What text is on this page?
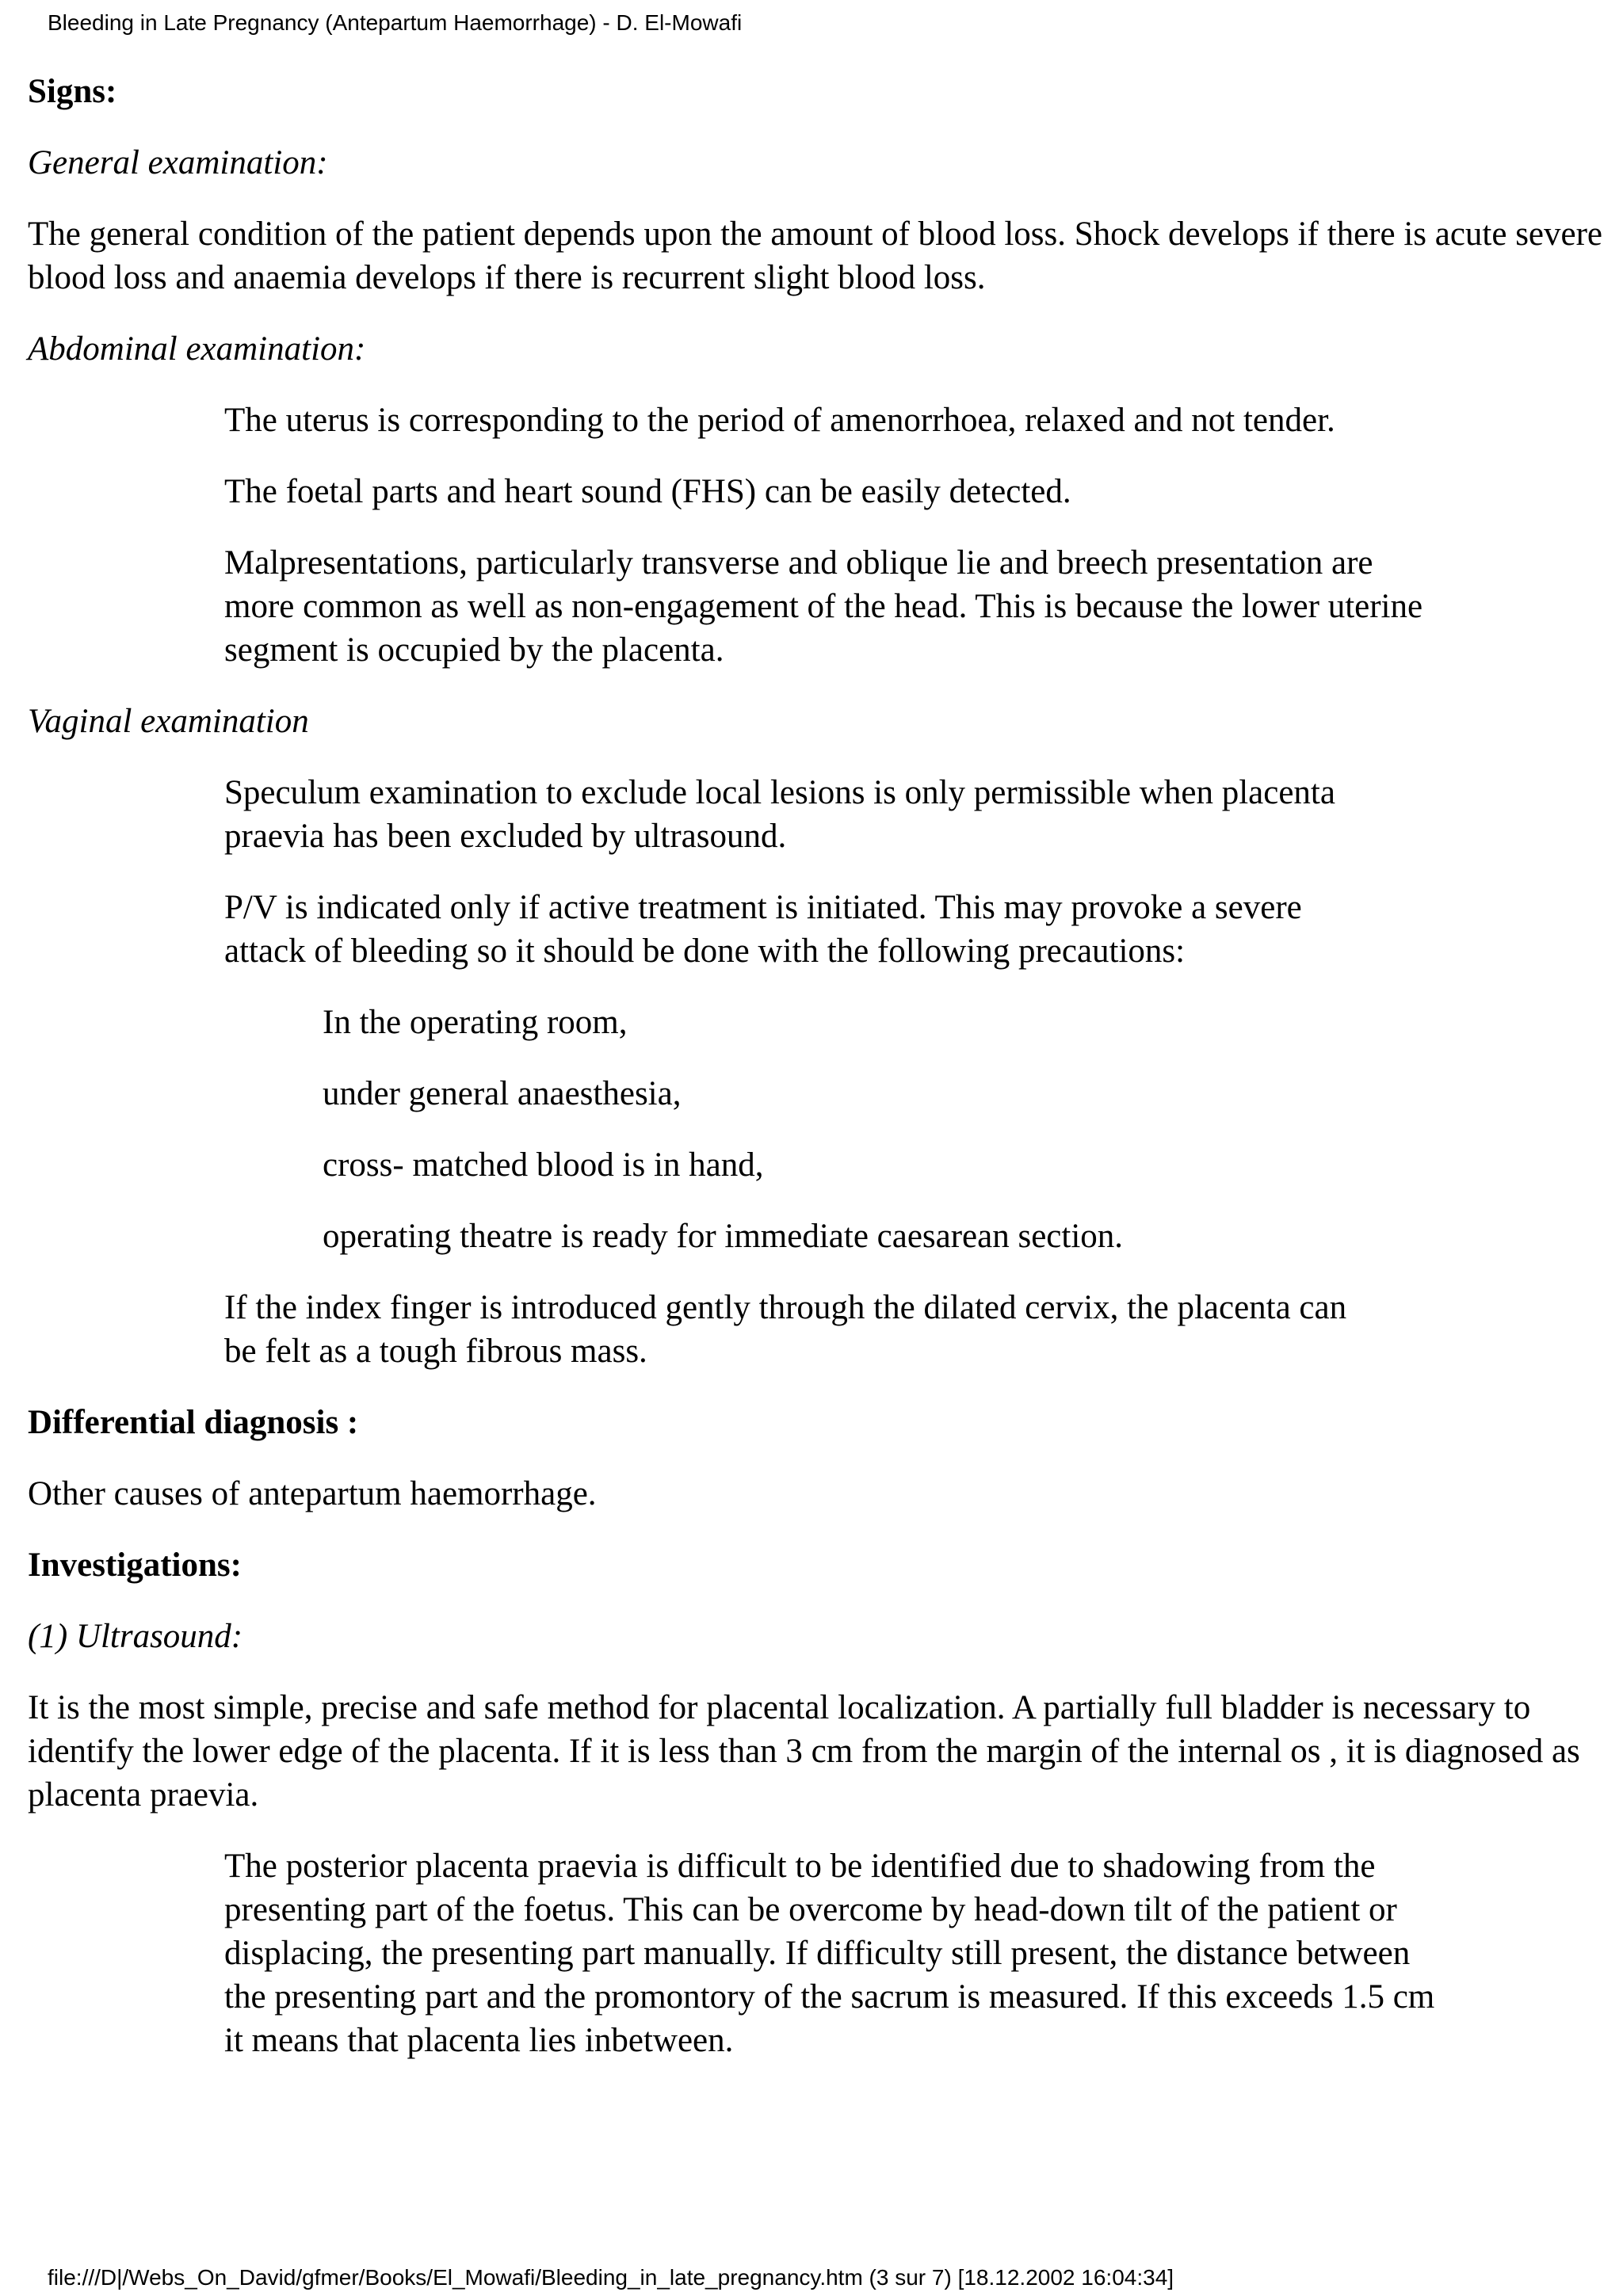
Bleeding in Late Pregnancy (Antepartum Haemorrhage) - D. El-Mowafi

Signs:

General examination:

The general condition of the patient depends upon the amount of blood loss. Shock develops if there is acute severe blood loss and anaemia develops if there is recurrent slight blood loss.

Abdominal examination:

The uterus is corresponding to the period of amenorrhoea, relaxed and not tender.

The foetal parts and heart sound (FHS) can be easily detected.

Malpresentations, particularly transverse and oblique lie and breech presentation are more common as well as non-engagement of the head. This is because the lower uterine segment is occupied by the placenta.

Vaginal examination

Speculum examination to exclude local lesions is only permissible when placenta praevia has been excluded by ultrasound.

P/V is indicated only if active treatment is initiated. This may provoke a severe attack of bleeding so it should be done with the following precautions:

In the operating room,

under general anaesthesia,

cross- matched blood is in hand,

operating theatre is ready for immediate caesarean section.

If the index finger is introduced gently through the dilated cervix, the placenta can be felt as a tough fibrous mass.

Differential diagnosis :

Other causes of antepartum haemorrhage.

Investigations:

(1) Ultrasound:

It is the most simple, precise and safe method for placental localization. A partially full bladder is necessary to identify the lower edge of the placenta. If it is less than 3 cm from the margin of the internal os , it is diagnosed as placenta praevia.

The posterior placenta praevia is difficult to be identified due to shadowing from the presenting part of the foetus. This can be overcome by head-down tilt of the patient or displacing, the presenting part manually. If difficulty still present, the distance between the presenting part and the promontory of the sacrum is measured. If this exceeds 1.5 cm it means that placenta lies inbetween.

file:///D|/Webs_On_David/gfmer/Books/El_Mowafi/Bleeding_in_late_pregnancy.htm (3 sur 7) [18.12.2002 16:04:34]
